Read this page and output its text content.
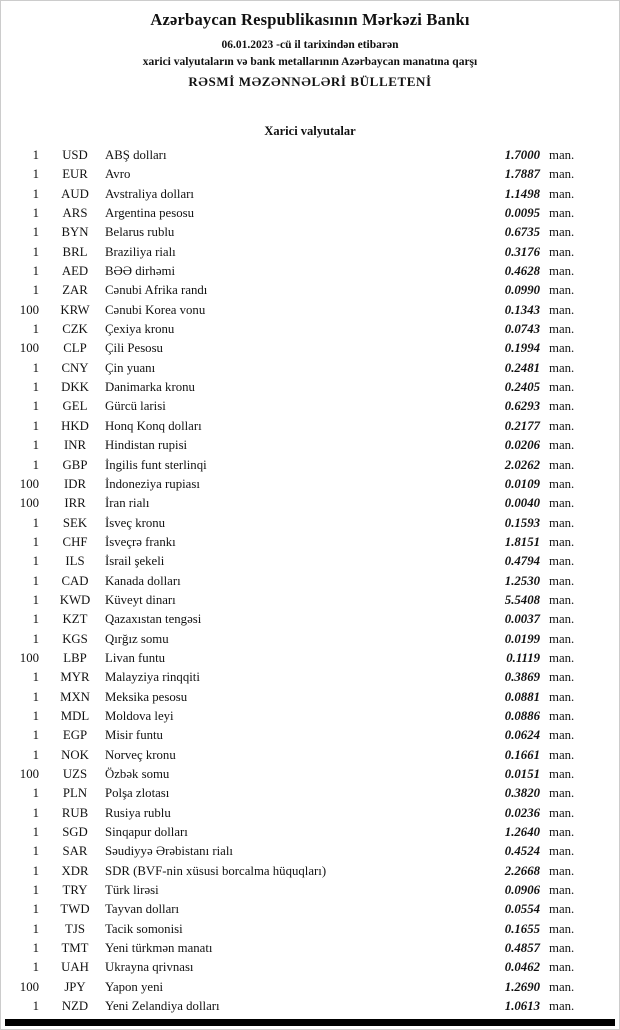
Azərbaycan Respublikasının Mərkəzi Bankı
06.01.2023 -cü il tarixindən etibarən
xarici valyutaların və bank metallarının Azərbaycan manatına qarşı
RƏSMİ MƏZƏNNƏLƏRİ BÜLLETENİ
Xarici valyutalar
1	USD	ABŞ dolları	1.7000 man.
1	EUR	Avro	1.7887 man.
1	AUD	Avstraliya dolları	1.1498 man.
1	ARS	Argentina pesosu	0.0095 man.
1	BYN	Belarus rublu	0.6735 man.
1	BRL	Braziliya rialı	0.3176 man.
1	AED	BƏƏ dirhəmi	0.4628 man.
1	ZAR	Cənubi Afrika randı	0.0990 man.
100	KRW	Cənubi Korea vonu	0.1343 man.
1	CZK	Çexiya kronu	0.0743 man.
100	CLP	Çili Pesosu	0.1994 man.
1	CNY	Çin yuanı	0.2481 man.
1	DKK	Danimarka kronu	0.2405 man.
1	GEL	Gürcü larisi	0.6293 man.
1	HKD	Honq Konq dolları	0.2177 man.
1	INR	Hindistan rupisi	0.0206 man.
1	GBP	İngilis funt sterlinqi	2.0262 man.
100	IDR	İndoneziya rupiası	0.0109 man.
100	IRR	İran rialı	0.0040 man.
1	SEK	İsveç kronu	0.1593 man.
1	CHF	İsveçrə frankı	1.8151 man.
1	ILS	İsrail şekeli	0.4794 man.
1	CAD	Kanada dolları	1.2530 man.
1	KWD	Küveyt dinarı	5.5408 man.
1	KZT	Qazaxıstan tengəsi	0.0037 man.
1	KGS	Qırğız somu	0.0199 man.
100	LBP	Livan funtu	0.1119 man.
1	MYR	Malayziya rinqqiti	0.3869 man.
1	MXN	Meksika pesosu	0.0881 man.
1	MDL	Moldova leyi	0.0886 man.
1	EGP	Misir funtu	0.0624 man.
1	NOK	Norveç kronu	0.1661 man.
100	UZS	Özbək somu	0.0151 man.
1	PLN	Polşa zlotası	0.3820 man.
1	RUB	Rusiya rublu	0.0236 man.
1	SGD	Sinqapur dolları	1.2640 man.
1	SAR	Səudiyyə Ərəbistanı rialı	0.4524 man.
1	XDR	SDR (BVF-nin xüsusi borcalma hüquqları)	2.2668 man.
1	TRY	Türk lirəsi	0.0906 man.
1	TWD	Tayvan dolları	0.0554 man.
1	TJS	Tacik somonisi	0.1655 man.
1	TMT	Yeni türkmən manatı	0.4857 man.
1	UAH	Ukrayna qrivnası	0.0462 man.
100	JPY	Yapon yeni	1.2690 man.
1	NZD	Yeni Zelandiya dolları	1.0613 man.
